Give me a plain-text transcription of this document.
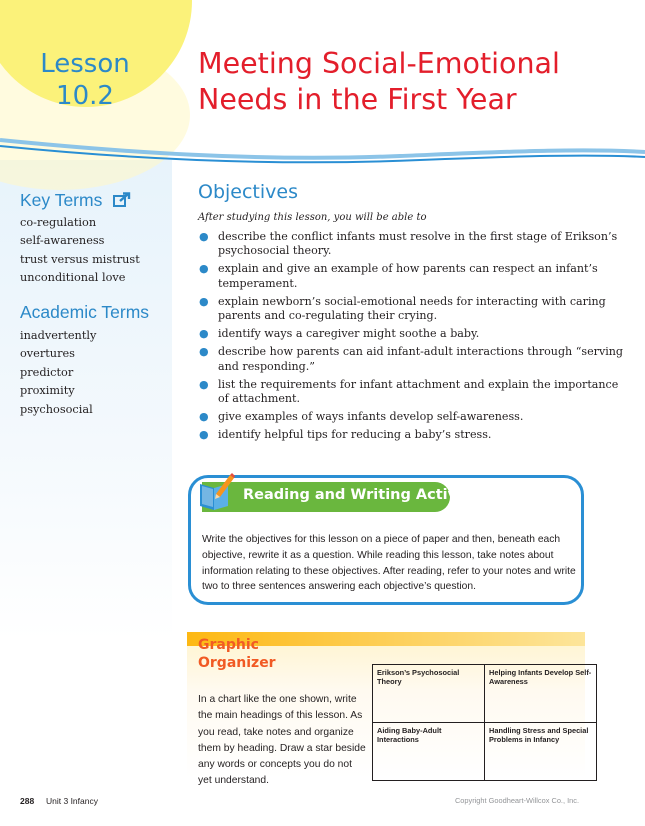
Lesson
10.2
Meeting Social-Emotional
Needs in the First Year
Key Terms
co-regulation
self-awareness
trust versus mistrust
unconditional love
Academic Terms
inadvertently
overtures
predictor
proximity
psychosocial
Objectives
After studying this lesson, you will be able to
● describe the conflict infants must resolve in the first stage of Erikson’s psychosocial theory.
● explain and give an example of how parents can respect an infant’s temperament.
● explain newborn’s social-emotional needs for interacting with caring parents and co-regulating their crying.
● identify ways a caregiver might soothe a baby.
● describe how parents can aid infant-adult interactions through “serving and responding.”
● list the requirements for infant attachment and explain the importance of attachment.
● give examples of ways infants develop self-awareness.
● identify helpful tips for reducing a baby’s stress.
Reading and Writing Activity
Write the objectives for this lesson on a piece of paper and then, beneath each objective, rewrite it as a question. While reading this lesson, take notes about information relating to these objectives. After reading, refer to your notes and write two to three sentences answering each objective’s question.
Graphic
Organizer
In a chart like the one shown, write the main headings of this lesson. As you read, take notes and organize them by heading. Draw a star beside any words or concepts you do not yet understand.
Erikson’s Psychosocial Theory	Helping Infants Develop Self-Awareness
Aiding Baby-Adult Interactions	Handling Stress and Special Problems in Infancy
288 Unit 3 Infancy	Copyright Goodheart-Willcox Co., Inc.
